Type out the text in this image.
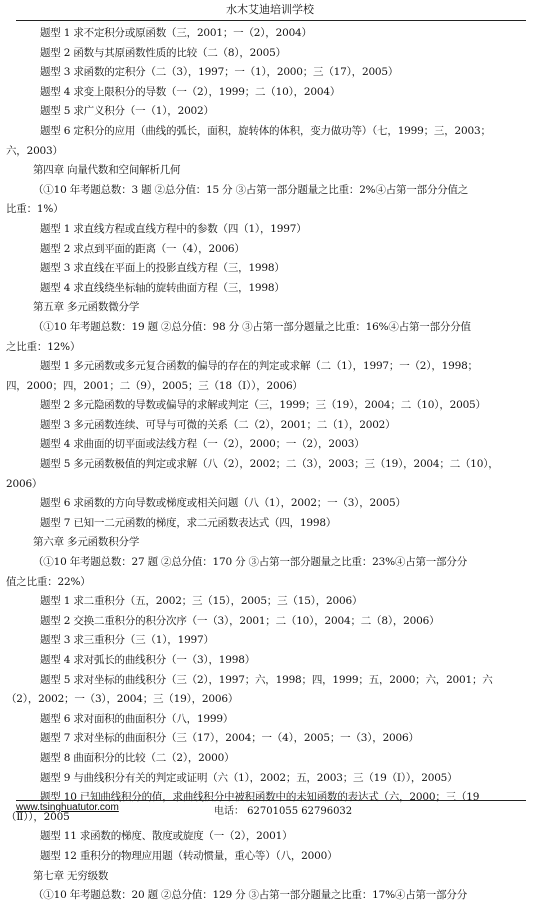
水木艾迪培训学校
题型 1 求不定积分或原函数（三，2001；一（2），2004）
题型 2 函数与其原函数性质的比较（二（8），2005）
题型 3 求函数的定积分（二（3），1997；一（1），2000；三（17），2005）
题型 4 求变上限积分的导数（一（2），1999；二（10），2004）
题型 5 求广义积分（一（1），2002）
题型 6 定积分的应用（曲线的弧长，面积，旋转体的体积，变力做功等）（七，1999；三，2003；
六，2003）
第四章 向量代数和空间解析几何
（①10 年考题总数：3 题 ②总分值：15 分 ③占第一部分题量之比重：2%④占第一部分分值之
比重：1%）
题型 1 求直线方程或直线方程中的参数（四（1），1997）
题型 2 求点到平面的距离（一（4），2006）
题型 3 求直线在平面上的投影直线方程（三，1998）
题型 4 求直线绕坐标轴的旋转曲面方程（三，1998）
第五章 多元函数微分学
（①10 年考题总数：19 题 ②总分值：98 分 ③占第一部分题量之比重：16%④占第一部分分值
之比重：12%）
题型 1 多元函数或多元复合函数的偏导的存在的判定或求解（二（1），1997；一（2），1998；
四，2000；四，2001；二（9），2005；三（18（Ⅰ）），2006）
题型 2 多元隐函数的导数或偏导的求解或判定（三，1999；三（19），2004；二（10），2005）
题型 3 多元函数连续、可导与可微的关系（二（2），2001；二（1），2002）
题型 4 求曲面的切平面或法线方程（一（2），2000；一（2），2003）
题型 5 多元函数极值的判定或求解（八（2），2002；二（3），2003；三（19），2004；二（10），
2006）
题型 6 求函数的方向导数或梯度或相关问题（八（1），2002；一（3），2005）
题型 7 已知一二元函数的梯度，求二元函数表达式（四，1998）
第六章 多元函数积分学
（①10 年考题总数：27 题 ②总分值：170 分 ③占第一部分题量之比重：23%④占第一部分分
值之比重：22%）
题型 1 求二重积分（五，2002；三（15），2005；三（15），2006）
题型 2 交换二重积分的积分次序（一（3），2001；二（10），2004；二（8），2006）
题型 3 求三重积分（三（1），1997）
题型 4 求对弧长的曲线积分（一（3），1998）
题型 5 求对坐标的曲线积分（三（2），1997；六，1998；四，1999；五，2000；六，2001；六
（2），2002；一（3），2004；三（19），2006）
题型 6 求对面积的曲面积分（八，1999）
题型 7 求对坐标的曲面积分（三（17），2004；一（4），2005；一（3），2006）
题型 8 曲面积分的比较（二（2），2000）
题型 9 与曲线积分有关的判定或证明（六（1），2002；五，2003；三（19（Ⅰ）），2005）
题型 10 已知曲线积分的值，求曲线积分中被积函数中的未知函数的表达式（六，2000；三（19
（Ⅱ）），2005
题型 11 求函数的梯度、散度或旋度（一（2），2001）
题型 12 重积分的物理应用题（转动惯量，重心等）（八，2000）
第七章 无穷级数
（①10 年考题总数：20 题 ②总分值：129 分 ③占第一部分题量之比重：17%④占第一部分分
www.tsinghuatutor.com	电话： 62701055 62796032
